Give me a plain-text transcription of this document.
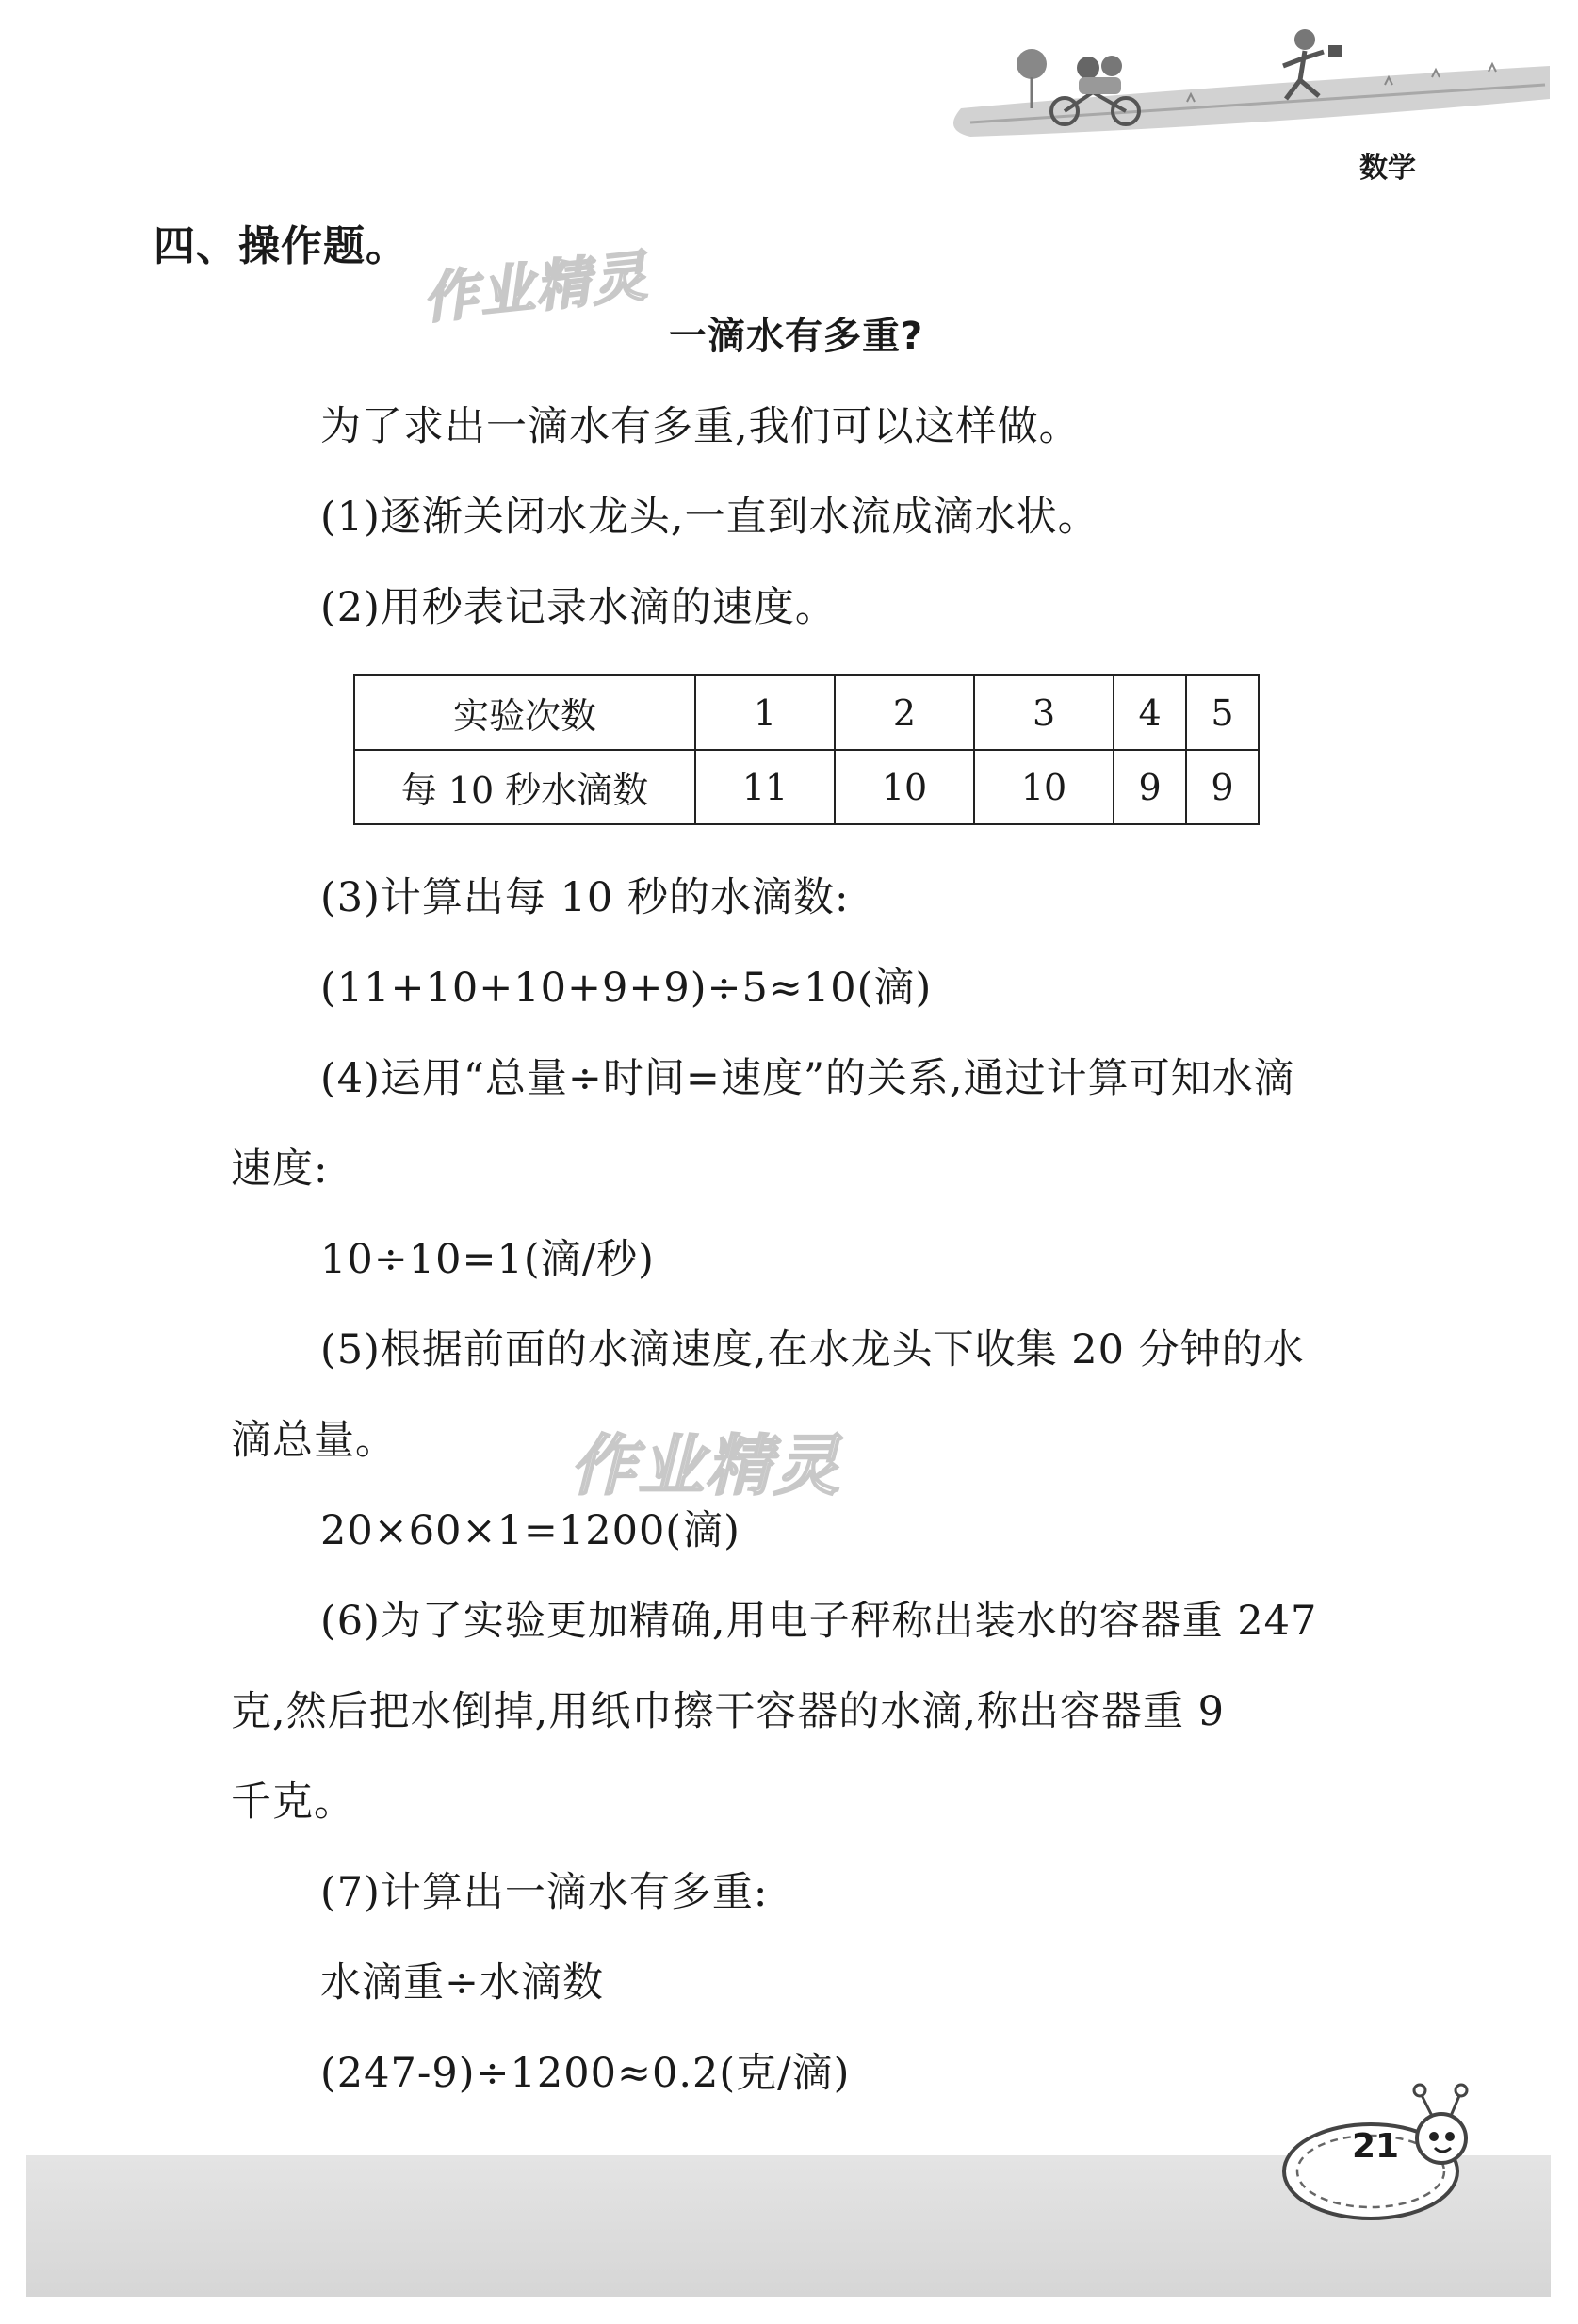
数学
四、操作题。 作业精灵
一滴水有多重?
为了求出一滴水有多重,我们可以这样做。
(1)逐渐关闭水龙头,一直到水流成滴水状。
(2)用秒表记录水滴的速度。
实验次数	1	2	3	4	5
每 10 秒水滴数	11	10	10	9	9
(3)计算出每 10 秒的水滴数:
(11+10+10+9+9)÷5≈10(滴)
(4)运用“总量÷时间=速度”的关系,通过计算可知水滴
速度:
10÷10=1(滴/秒)
(5)根据前面的水滴速度,在水龙头下收集 20 分钟的水
滴总量。	作业精灵
20×60×1=1200(滴)
(6)为了实验更加精确,用电子秤称出装水的容器重 247
克,然后把水倒掉,用纸巾擦干容器的水滴,称出容器重 9
千克。
(7)计算出一滴水有多重:
水滴重÷水滴数
(247-9)÷1200≈0.2(克/滴)
21
